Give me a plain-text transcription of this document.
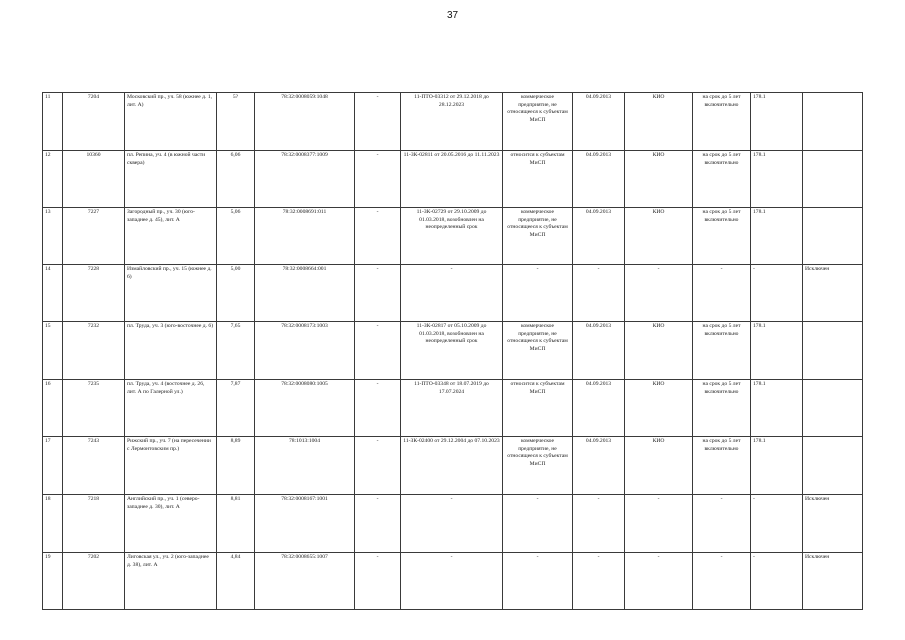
37
11	7204	Московский пр., уч. 58 (южнее д. 1, лит. А)	5?	78:32:0008059:1048	-	11-ПТО-03312 от 29.12.2018 до 28.12.2023	коммерческое предприятие, не относящееся к субъектам МиСП	04.09.2013	КИО	на срок до 5 лет включительно	178.1	
12	10360	пл. Репина, уч. 4 (в южной части сквера)	6,06	78:32:0008377:1009	-	11-ЗК-02811 от 20.05.2016 до 11.11.2023	относится к субъектам МиСП	04.09.2013	КИО	на срок до 5 лет включительно	178.1	
13	7227	Загородный пр., уч. 30 (юго-западнее д. 45), лит. А	5,06	78:32:0008691:011	-	11-ЗК-02729 от 29.10.2009 до 01.03.2018, возобновлен на неопределенный срок	коммерческое предприятие, не относящееся к субъектам МиСП	04.09.2013	КИО	на срок до 5 лет включительно	178.1	
14	7228	Измайловский пр., уч. 15 (южнее д. 6)	5,00	78:32:0008664:001	-	-	-	-	-	-	-	Исключен
15	7232	пл. Труда, уч. 3 (юго-восточнее д. 6)	7,65	78:32:0008173:1003	-	11-ЗК-02817 от 05.10.2009 до 01.03.2018, возобновлен на неопределенный срок	коммерческое предприятие, не относящееся к субъектам МиСП	04.09.2013	КИО	на срок до 5 лет включительно	178.1	
16	7235	пл. Труда, уч. 4 (восточнее д. 26, лит. А по Галерной ул.)	7,87	78:32:0008080:1005	-	11-ПТО-03348 от 18.07.2019 до 17.07.2024	относится к субъектам МиСП	04.09.2013	КИО	на срок до 5 лет включительно	178.1	
17	7243	Рижский пр., уч. 7 (на пересечении с Лермонтовским пр.)	8,89	78:1013:1004	-	11-ЗК-02400 от 29.12.2004 до 07.10.2023	коммерческое предприятие, не относящееся к субъектам МиСП	04.09.2013	КИО	на срок до 5 лет включительно	178.1	
18	7218	Английский пр., уч. 1 (северо-западнее д. 30), лит. А	8,81	78:32:0008167:1001	-	-	-	-	-	-	-	Исключен
19	7202	Лиговская ул., уч. 2 (юго-западнее д. 38), лит. А	4,84	78:32:0008655:1007	-	-	-	-	-	-	-	Исключен
